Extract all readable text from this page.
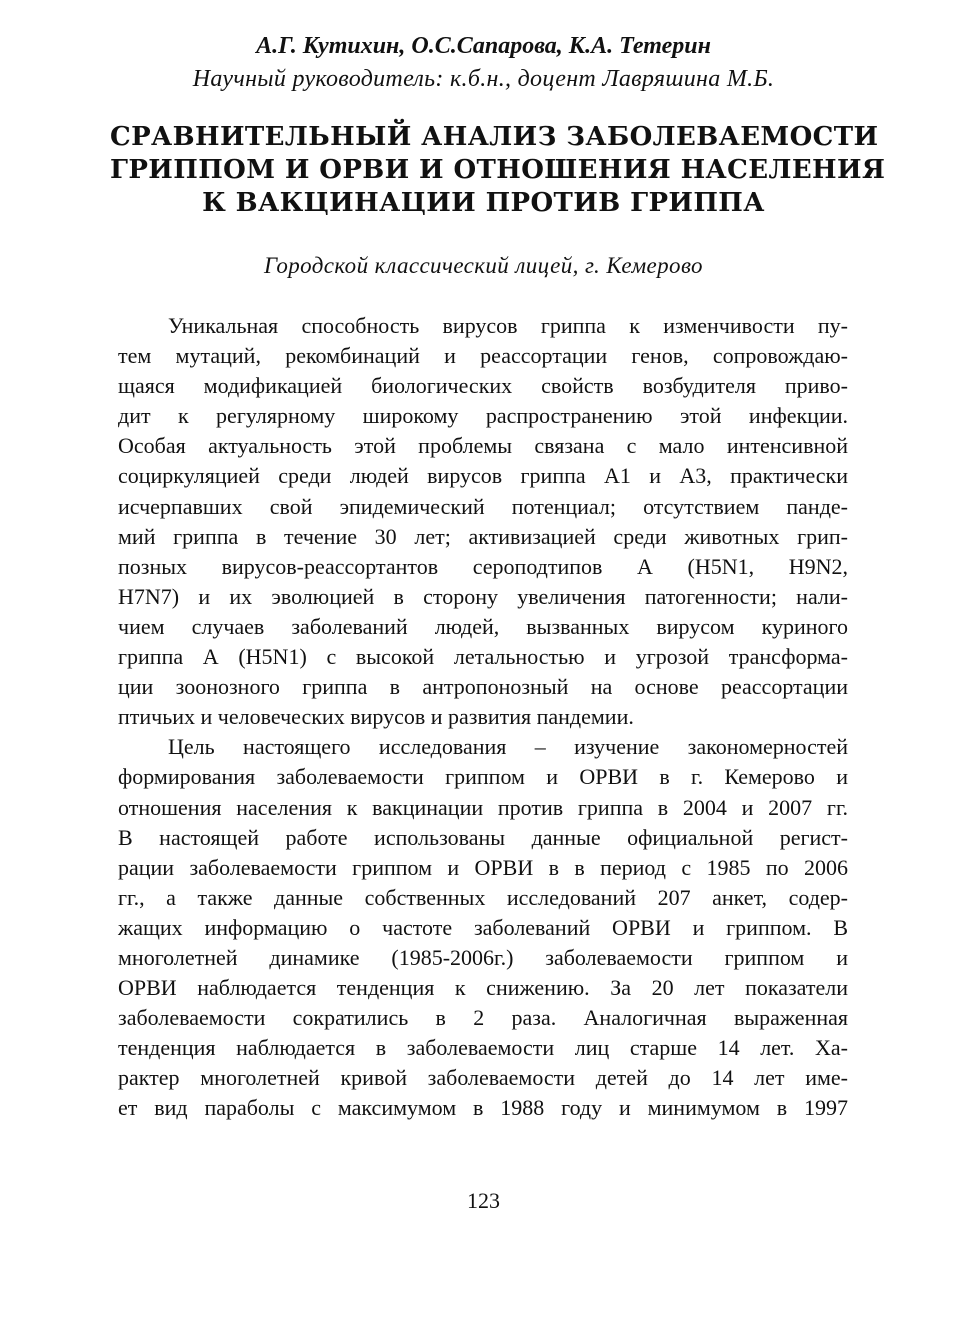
А.Г. Кутихин, О.С.Сапарова, К.А. Тетерин
Научный руководитель: к.б.н., доцент Лавряшина М.Б.
СРАВНИТЕЛЬНЫЙ АНАЛИЗ ЗАБОЛЕВАЕМОСТИ
ГРИППОМ И ОРВИ И ОТНОШЕНИЯ НАСЕЛЕНИЯ
К ВАКЦИНАЦИИ ПРОТИВ ГРИППА
Городской классический лицей, г. Кемерово
Уникальная способность вирусов гриппа к изменчивости пу-
тем мутаций, рекомбинаций и реассортации генов, сопровождаю-
щаяся модификацией биологических свойств возбудителя приво-
дит к регулярному широкому распространению этой инфекции.
Особая актуальность этой проблемы связана с мало интенсивной
социркуляцией среди людей вирусов гриппа А1 и А3, практически
исчерпавших свой эпидемический потенциал; отсутствием панде-
мий гриппа в течение 30 лет; активизацией среди животных грип-
позных вирусов-реассортантов сероподтипов А (H5N1, H9N2,
H7N7) и их эволюцией в сторону увеличения патогенности; нали-
чием случаев заболеваний людей, вызванных вирусом куриного
гриппа А (H5N1) с высокой летальностью и угрозой трансформа-
ции зоонозного гриппа в антропонозный на основе реассортации
птичьих и человеческих вирусов и развития пандемии.
Цель настоящего исследования – изучение закономерностей
формирования заболеваемости гриппом и ОРВИ в г. Кемерово и
отношения населения к вакцинации против гриппа в 2004 и 2007 гг.
В настоящей работе использованы данные официальной регист-
рации заболеваемости гриппом и ОРВИ в в период с 1985 по 2006
гг., а также данные собственных исследований 207 анкет, содер-
жащих информацию о частоте заболеваний ОРВИ и гриппом. В
многолетней динамике (1985-2006г.) заболеваемости гриппом и
ОРВИ наблюдается тенденция к снижению. За 20 лет показатели
заболеваемости сократились в 2 раза. Аналогичная выраженная
тенденция наблюдается в заболеваемости лиц старше 14 лет. Ха-
рактер многолетней кривой заболеваемости детей до 14 лет име-
ет вид параболы с максимумом в 1988 году и минимумом в 1997
123
